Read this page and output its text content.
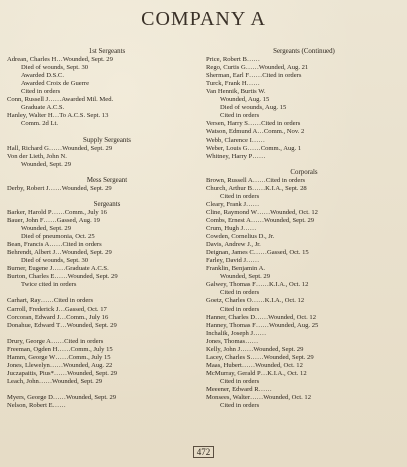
COMPANY A
1st Sergeants
Adrean, Charles H…Wounded, Sept. 29
Died of wounds, Sept. 30
Awarded D.S.C.
Awarded Croix de Guerre
Cited in orders
Conn, Russell J……Awarded Mil. Med.
Graduate A.C.S.
Hanley, Walter H…To A.C.S. Sept. 13
Comm. 2d Lt.
Supply Sergeants
Hall, Richard G……Wounded, Sept. 29
Von der Lieth, John N.
Wounded, Sept. 29
Mess Sergeant
Derby, Robert J……Wounded, Sept. 29
Sergeants
Barker, Harold P……Comm., July 16
Bauer, John F……Gassed, Aug. 19
Wounded, Sept. 29
Died of pneumonia, Oct. 25
Bean, Francis A……Cited in orders
Behrendt, Albert J…Wounded, Sept. 29
Died of wounds, Sept. 30
Burner, Eugene J……Graduate A.C.S.
Burton, Charles E……Wounded, Sept. 29
Twice cited in orders
Carhart, Ray……Cited in orders
Carroll, Frederick J…Gassed, Oct. 17
Corcoran, Edward J…Comm., July 16
Donahue, Edward T…Wounded, Sept. 29
Drury, George A……Cited in orders
Freeman, Ogden H……Comm., July 15
Hamm, George W……Comm., July 15
Jones, Llewelyn……Wounded, Aug. 22
Juczapaitis, Pius*……Wounded, Sept. 29
Leach, John……Wounded, Sept. 29
Myers, George D……Wounded, Sept. 29
Nelson, Robert E……
Sergeants (Continued)
Price, Robert B……
Rego, Curtis G……Wounded, Aug. 21
Sherman, Earl F……Cited in orders
Turck, Frank H……
Van Hennik, Burtis W.
Wounded, Aug. 15
Died of wounds, Aug. 15
Cited in orders
Versen, Harry S……Cited in orders
Watson, Edmund A…Comm., Nov. 2
Webb, Clarence I……
Weber, Louis G……Comm., Aug. 1
Whitney, Harry P……
Corporals
Brown, Russell A……Cited in orders
Church, Arthur B……K.I.A., Sept. 28
Cited in orders
Cleary, Frank J……
Cline, Raymond W……Wounded, Oct. 12
Combs, Ernest A……Wounded, Sept. 29
Crum, Hugh J……
Cowden, Cornelius D., Jr.
Davis, Andrew J., Jr.
Deignan, James C……Gassed, Oct. 15
Farley, David J……
Franklin, Benjamin A.
Wounded, Sept. 29
Galwey, Thomas F……K.I.A., Oct. 12
Cited in orders
Goetz, Charles O……K.I.A., Oct. 12
Cited in orders
Hanner, Charles D……Wounded, Oct. 12
Hanney, Thomas F……Wounded, Aug. 25
Inchalik, Joseph J……
Jones, Thomas……
Kelly, John J……Wounded, Sept. 29
Lacey, Charles S……Wounded, Sept. 29
Maas, Hubert……Wounded, Oct. 12
McMurray, Gerald P…K.I.A., Oct. 12
Cited in orders
Meeener, Edward R……
Monsees, Walter……Wounded, Oct. 12
Cited in orders
472
